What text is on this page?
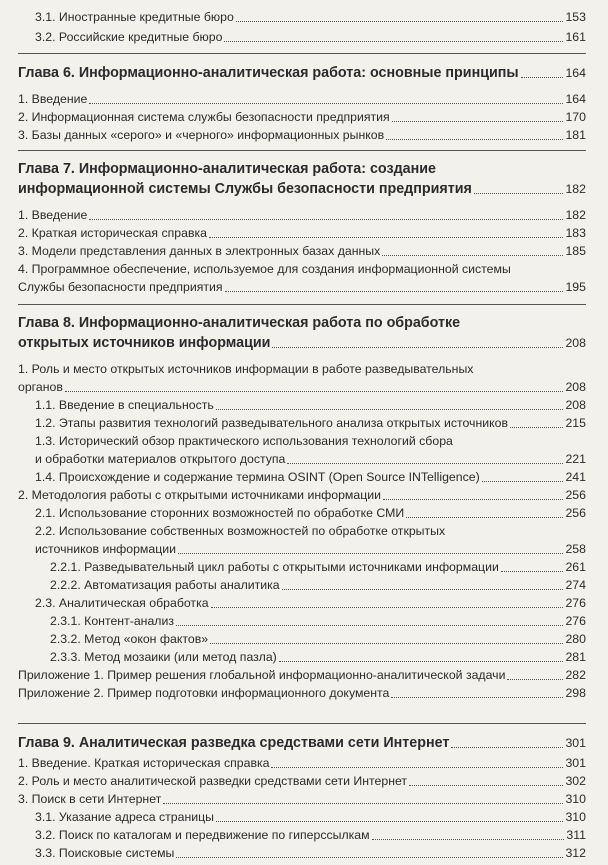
3.1. Иностранные кредитные бюро	153
3.2. Российские кредитные бюро	161
Глава 6. Информационно-аналитическая работа: основные принципы	164
1. Введение	164
2. Информационная система службы безопасности предприятия	170
3. Базы данных «серого» и «черного» информационных рынков	181
Глава 7. Информационно-аналитическая работа: создание
информационной системы Службы безопасности предприятия	182
1. Введение	182
2. Краткая историческая справка	183
3. Модели представления данных в электронных базах данных	185
4. Программное обеспечение, используемое для создания информационной системы
Службы безопасности предприятия	195
Глава 8. Информационно-аналитическая работа по обработке
открытых источников информации	208
1. Роль и место открытых источников информации в работе разведывательных
органов	208
1.1. Введение в специальность	208
1.2. Этапы развития технологий разведывательного анализа открытых источников	215
1.3. Исторический обзор практического использования технологий сбора
и обработки материалов открытого доступа	221
1.4. Происхождение и содержание термина OSINT (Open Source INTelligence)	241
2. Методология работы с открытыми источниками информации	256
2.1. Использование сторонних возможностей по обработке СМИ	256
2.2. Использование собственных возможностей по обработке открытых
источников информации	258
2.2.1. Разведывательный цикл работы с открытыми источниками информации	261
2.2.2. Автоматизация работы аналитика	274
2.3. Аналитическая обработка	276
2.3.1. Контент-анализ	276
2.3.2. Метод «окон фактов»	280
2.3.3. Метод мозаики (или метод пазла)	281
Приложение 1. Пример решения глобальной информационно-аналитической задачи	282
Приложение 2. Пример подготовки информационного документа	298
Глава 9. Аналитическая разведка средствами сети Интернет	301
1. Введение. Краткая историческая справка	301
2. Роль и место аналитической разведки средствами сети Интернет	302
3. Поиск в сети Интернет	310
3.1. Указание адреса страницы	310
3.2. Поиск по каталогам и передвижение по гиперссылкам	311
3.3. Поисковые системы	312
